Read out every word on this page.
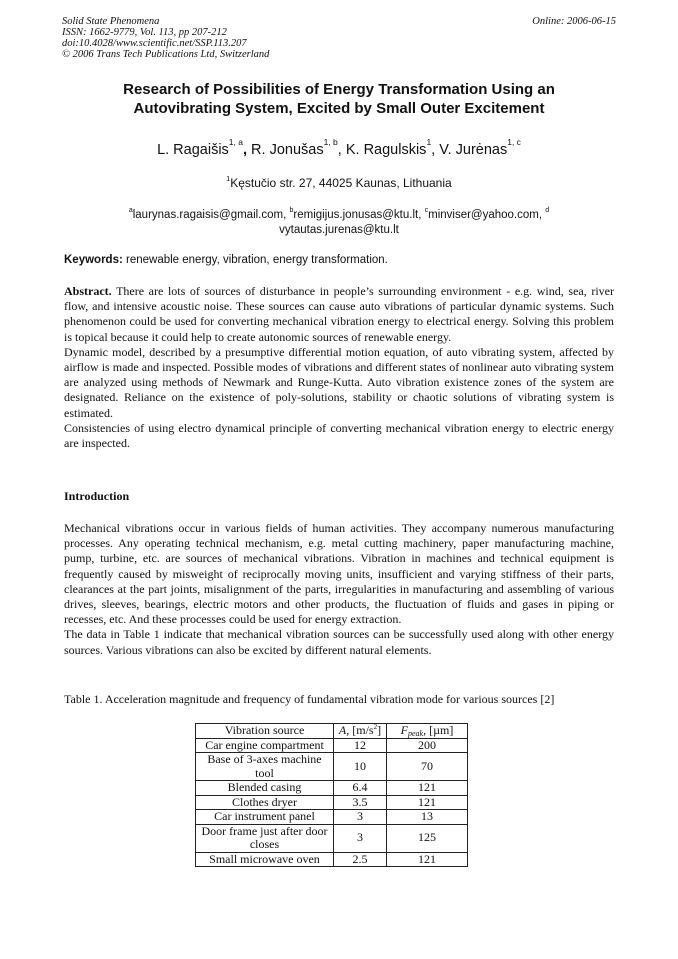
Solid State Phenomena
ISSN: 1662-9779, Vol. 113, pp 207-212
doi:10.4028/www.scientific.net/SSP.113.207
© 2006 Trans Tech Publications Ltd, Switzerland
Online: 2006-06-15
Research of Possibilities of Energy Transformation Using an
Autovibrating System, Excited by Small Outer Excitement
L. Ragaišis$^{1, a}$, R. Jonušas$^{1, b}$, K. Ragulskis$^1$, V. Jurėnas$^{1, c}$
$^1$Kęstučio str. 27, 44025 Kaunas, Lithuania
$^a$laurynas.ragaisis@gmail.com, $^b$remigijus.jonusas@ktu.lt, $^c$minviser@yahoo.com, $^d$
vytautas.jurenas@ktu.lt
Keywords: renewable energy, vibration, energy transformation.

Abstract. There are lots of sources of disturbance in people’s surrounding environment - e.g. wind, sea, river flow, and intensive acoustic noise. These sources can cause auto vibrations of particular dynamic systems. Such phenomenon could be used for converting mechanical vibration energy to electrical energy. Solving this problem is topical because it could help to create autonomic sources of renewable energy.

Dynamic model, described by a presumptive differential motion equation, of auto vibrating system, affected by airflow is made and inspected. Possible modes of vibrations and different states of nonlinear auto vibrating system are analyzed using methods of Newmark and Runge-Kutta. Auto vibration existence zones of the system are designated. Reliance on the existence of poly-solutions, stability or chaotic solutions of vibrating system is estimated.

Consistencies of using electro dynamical principle of converting mechanical vibration energy to electric energy are inspected.

Introduction

Mechanical vibrations occur in various fields of human activities. They accompany numerous manufacturing processes. Any operating technical mechanism, e.g. metal cutting machinery, paper manufacturing machine, pump, turbine, etc. are sources of mechanical vibrations. Vibration in machines and technical equipment is frequently caused by misweight of reciprocally moving units, insufficient and varying stiffness of their parts, clearances at the part joints, misalignment of the parts, irregularities in manufacturing and assembling of various drives, sleeves, bearings, electric motors and other products, the fluctuation of fluids and gases in piping or recesses, etc. And these processes could be used for energy extraction.

The data in Table 1 indicate that mechanical vibration sources can be successfully used along with other energy sources. Various vibrations can also be excited by different natural elements.

Table 1. Acceleration magnitude and frequency of fundamental vibration mode for various sources [2]
Vibration source	A, $[m/s^2]$	$F_{peak}$, [µm]
Car engine compartment	12	200
Base of 3-axes machine tool	10	70
Blended casing	6.4	121
Clothes dryer	3.5	121
Car instrument panel	3	13
Door frame just after door closes	3	125
Small microwave oven	2.5	121
